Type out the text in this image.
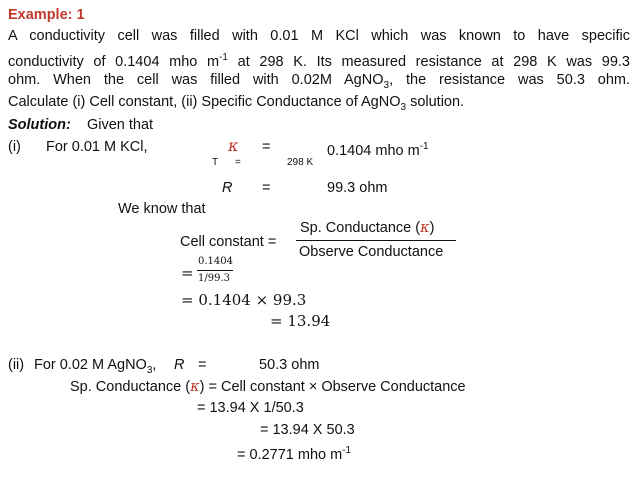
Example: 1
A conductivity cell was filled with 0.01 M KCl which was known to have specific
conductivity of 0.1404 mho $m^{-1}$ at 298 K. Its measured resistance at 298 K was 99.3
ohm. When the cell was filled with 0.02M AgNO$_3$, the resistance was 50.3 ohm.
Calculate (i) Cell constant, (ii) Specific Conductance of AgNO$_3$ solution.
Solution: Given that
(i) For 0.01 M KCl,	κ =	0.1404 mho $m^{-1}$
T =	298 K
R =	99.3 ohm
We know that
Cell constant =
Sp. Conductance (κ)
Observe Conductance
=
0.1404
1/99.3
= 0.1404 × 99.3
= 13.94
(ii) For 0.02 M AgNO$_3$, R =	50.3 ohm
Sp. Conductance (κ) = Cell constant × Observe Conductance
= 13.94 X 1/50.3
= 13.94 X 50.3
= 0.2771 mho $m^{-1}$
